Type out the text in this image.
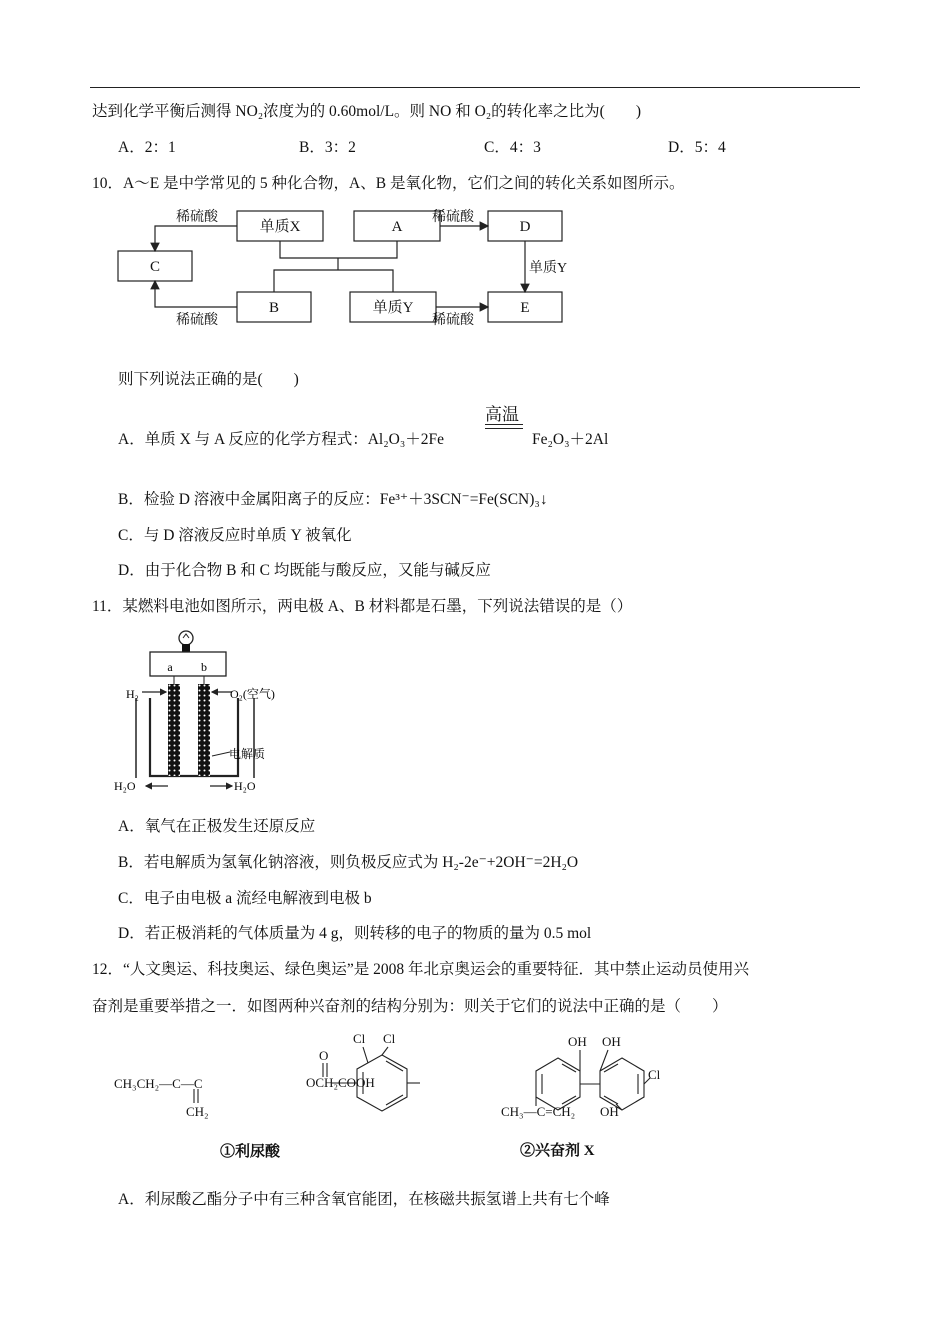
达到化学平衡后测得 NO₂浓度为的 0.60mol/L。则 NO 和 O₂的转化率之比为(　　)
A．2：1	B．3：2	C．4：3	D．5：4
10．A～E 是中学常见的 5 种化合物，A、B 是氧化物，它们之间的转化关系如图所示。
单质X	A	D
C
B	单质Y	E
稀硫酸
稀硫酸
稀硫酸
稀硫酸
单质Y
则下列说法正确的是(　　)
A．单质 X 与 A 反应的化学方程式：Al₂O₃＋2Fe
高温
Fe₂O₃＋2Al
B．检验 D 溶液中金属阳离子的反应：Fe³⁺＋3SCN⁻=Fe(SCN)₃↓
C．与 D 溶液反应时单质 Y 被氧化
D．由于化合物 B 和 C 均既能与酸反应，又能与碱反应
11．某燃料电池如图所示，两电极 A、B 材料都是石墨，下列说法错误的是（）
a b
H₂	O₂(空气)
电解质
H₂O	H₂O
A．氧气在正极发生还原反应
B．若电解质为氢氧化钠溶液，则负极反应式为 H₂-2e⁻+2OH⁻=2H₂O
C．电子由电极 a 流经电解液到电极 b
D．若正极消耗的气体质量为 4 g，则转移的电子的物质的量为 0.5 mol
12．“人文奥运、科技奥运、绿色奥运”是 2008 年北京奥运会的重要特征．其中禁止运动员使用兴
奋剂是重要举措之一．如图两种兴奋剂的结构分别为：则关于它们的说法中正确的是（　　）
Cl Cl
O
CH₃CH₂—C—C
CH₂
①利尿酸
OCH₂COOH
OH OH
Cl
CH₃—C=CH₂ OH
②兴奋剂 X
A．利尿酸乙酯分子中有三种含氧官能团，在核磁共振氢谱上共有七个峰
